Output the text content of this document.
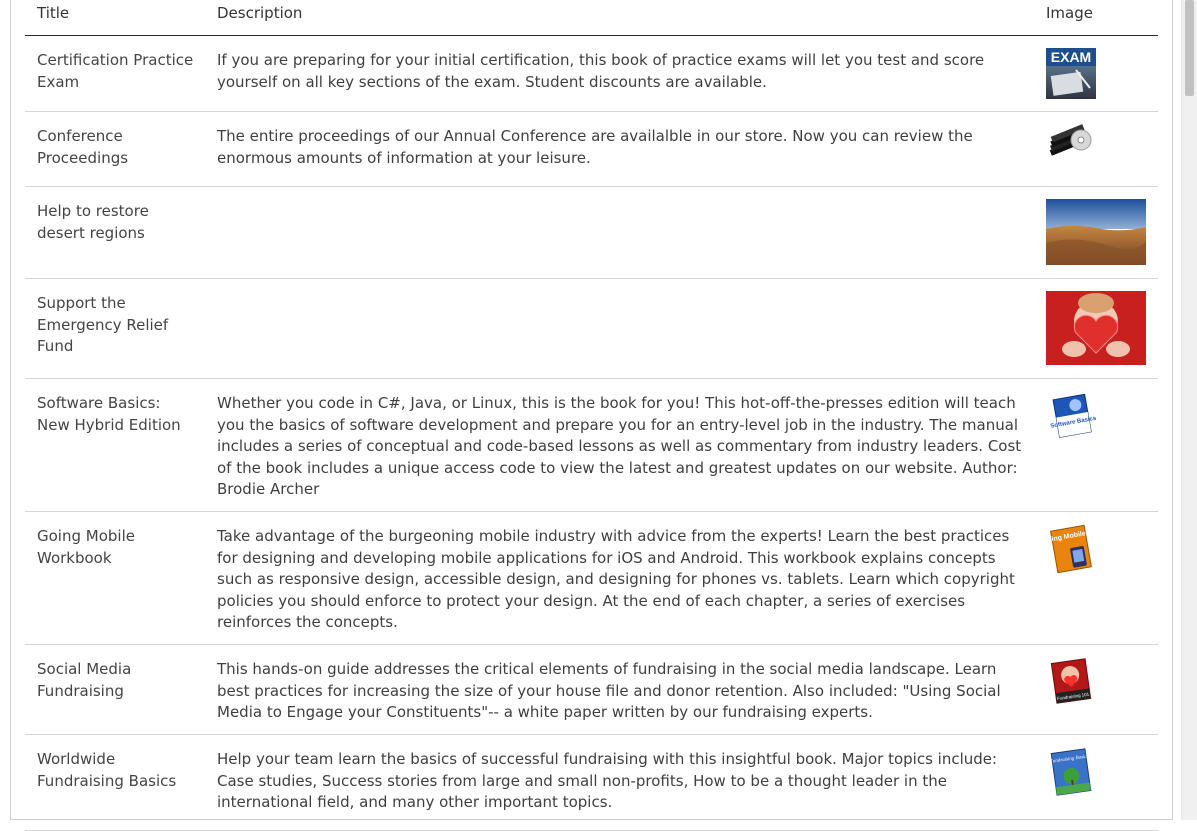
Title	Description	Image
Certification Practice Exam
If you are preparing for your initial certification, this book of practice exams will let you test and score yourself on all key sections of the exam. Student discounts are available.
EXAM
Conference Proceedings
The entire proceedings of our Annual Conference are availalble in our store. Now you can review the enormous amounts of information at your leisure.
Help to restore desert regions
Support the Emergency Relief Fund
Software Basics: New Hybrid Edition
Whether you code in C#, Java, or Linux, this is the book for you! This hot-off-the-presses edition will teach you the basics of software development and prepare you for an entry-level job in the industry. The manual includes a series of conceptual and code-based lessons as well as commentary from industry leaders. Cost of the book includes a unique access code to view the latest and greatest updates on our website. Author: Brodie Archer
Software Basics
Going Mobile Workbook
Take advantage of the burgeoning mobile industry with advice from the experts! Learn the best practices for designing and developing mobile applications for iOS and Android. This workbook explains concepts such as responsive design, accessible design, and designing for phones vs. tablets. Learn which copyright policies you should enforce to protect your design. At the end of each chapter, a series of exercises reinforces the concepts.
Going Mobile
Social Media Fundraising
This hands-on guide addresses the critical elements of fundraising in the social media landscape. Learn best practices for increasing the size of your house file and donor retention. Also included: "Using Social Media to Engage your Constituents"-- a white paper written by our fundraising experts.
Fundraising 101
Worldwide Fundraising Basics
Help your team learn the basics of successful fundraising with this insightful book. Major topics include: Case studies, Success stories from large and small non-profits, How to be a thought leader in the international field, and many other important topics.
Fundraising Basics
